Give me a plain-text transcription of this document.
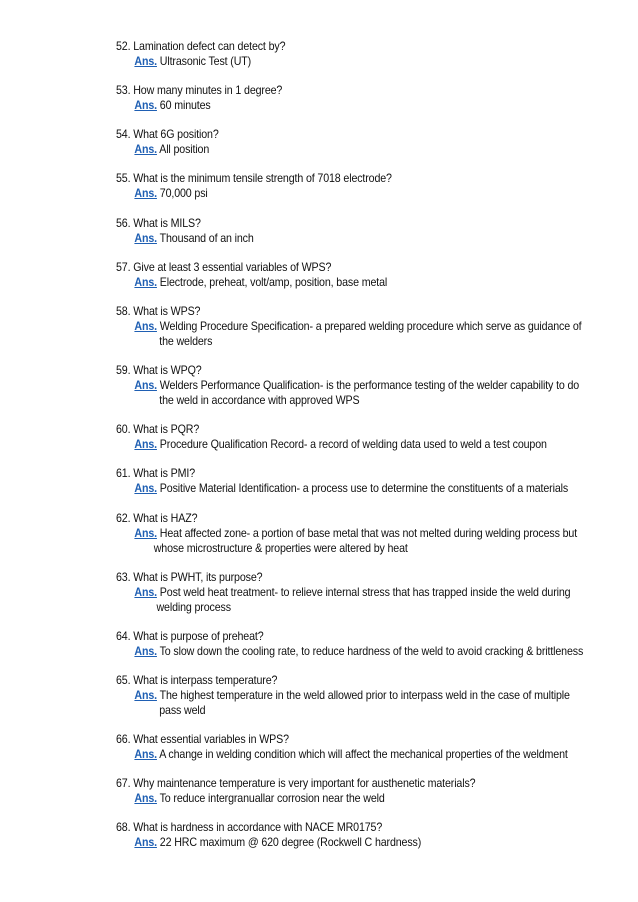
52. Lamination defect can detect by?
Ans. Ultrasonic Test (UT)
53. How many minutes in 1 degree?
Ans. 60 minutes
54. What 6G position?
Ans. All position
55. What is the minimum tensile strength of 7018 electrode?
Ans. 70,000 psi
56. What is MILS?
Ans. Thousand of an inch
57. Give at least 3 essential variables of WPS?
Ans. Electrode, preheat, volt/amp, position, base metal
58. What is WPS?
Ans. Welding Procedure Specification- a prepared welding procedure which serve as guidance of
the welders
59. What is WPQ?
Ans. Welders Performance Qualification- is the performance testing of the welder capability to do
the weld in accordance with approved WPS
60. What is PQR?
Ans. Procedure Qualification Record- a record of welding data used to weld a test coupon
61. What is PMI?
Ans. Positive Material Identification- a process use to determine the constituents of a materials
62. What is HAZ?
Ans. Heat affected zone- a portion of base metal that was not melted during welding process but
whose microstructure & properties were altered by heat
63. What is PWHT, its purpose?
Ans. Post weld heat treatment- to relieve internal stress that has trapped inside the weld during
welding process
64. What is purpose of preheat?
Ans. To slow down the cooling rate, to reduce hardness of the weld to avoid cracking & brittleness
65. What is interpass temperature?
Ans. The highest temperature in the weld allowed prior to interpass weld in the case of multiple
pass weld
66. What essential variables in WPS?
Ans. A change in welding condition which will affect the mechanical properties of the weldment
67. Why maintenance temperature is very important for austhenetic materials?
Ans. To reduce intergranuallar corrosion near the weld
68. What is hardness in accordance with NACE MR0175?
Ans. 22 HRC maximum @ 620 degree (Rockwell C hardness)
